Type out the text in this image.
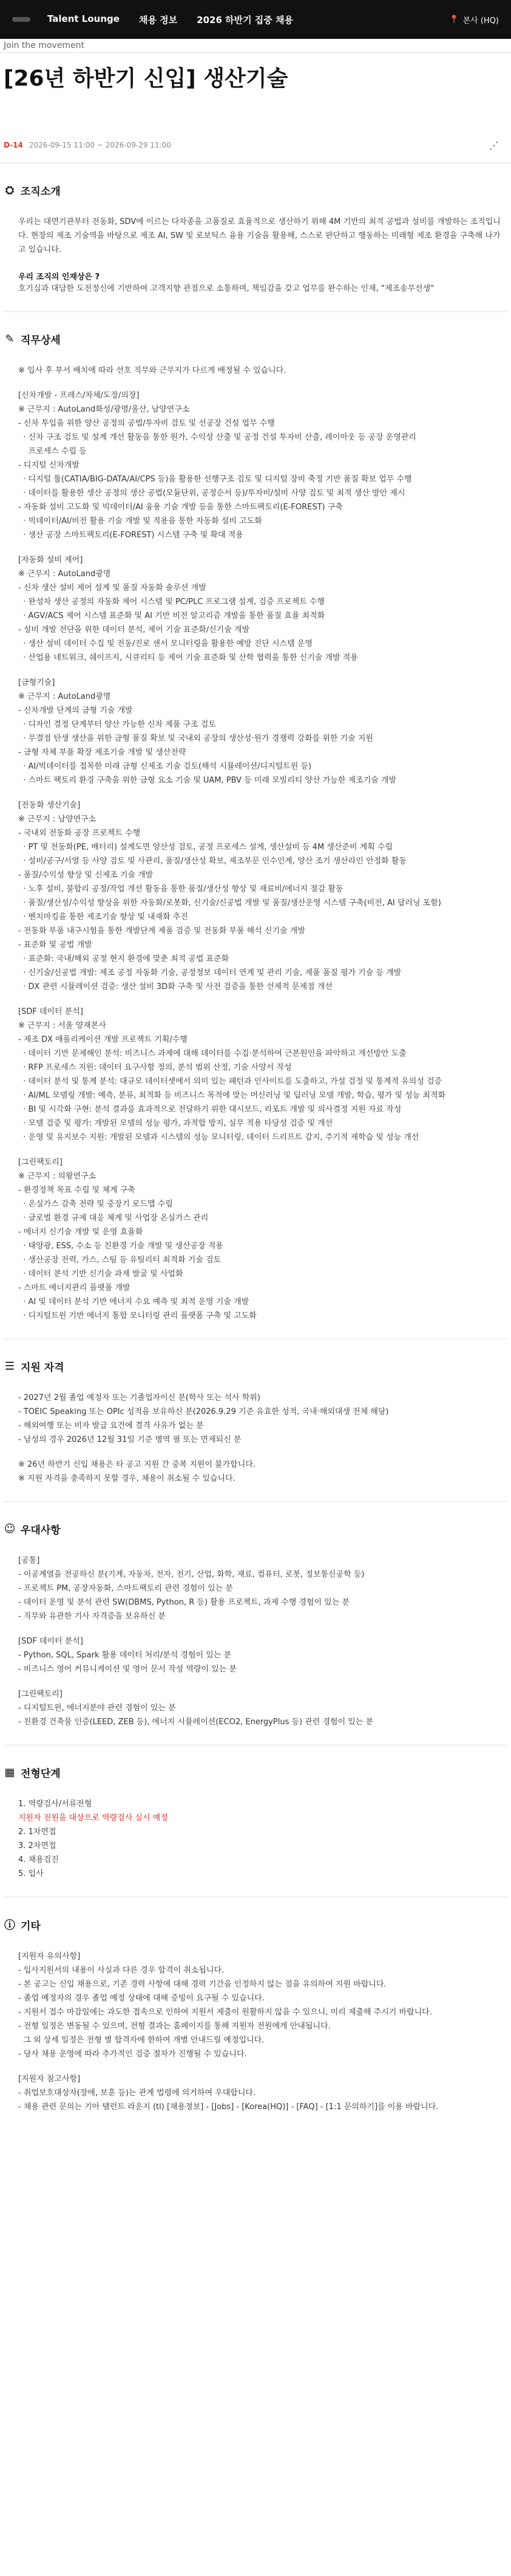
Talent Lounge 채용 정보 2026 하반기 집중 채용	📍 본사 (HQ)
Join the movement
[26년 하반기 신입] 생산기술
D-14 2026-09-15 11:00 ~ 2026-09-29 11:00	⋰
⛭ 조직소개
우리는 대면기관부터 전동화, SDV에 이르는 다차종을 고품질로 효율적으로 생산하기 위해 4M 기반의 최적 공법과 설비를 개발하는 조직입니다. 현장의 제조 기술역을 바탕으로 제조 AI, SW 및 로보틱스 융용 기술을 활용해, 스스로 판단하고 행동하는 미래형 제조 환경을 구축해 나가고 있습니다.
우리 조직의 인재상은 ?
호기심과 대담한 도전정신에 기반하여 고객지향 관점으로 소통하며, 책임감을 갖고 업무를 완수하는 인재, "제조송무선생"
✎ 직무상세
※ 입사 후 부서 배치에 따라 선호 직무와 근무지가 다르게 배정될 수 있습니다.
[신차개발 - 프레스/차체/도장/의장]
※ 근무지 : AutoLand화성/광명/울산, 남양연구소
- 신차 투입을 위한 양산 공정의 공법/투자비 검토 및 선공장 건설 업무 수행
· 신차 구조 검토 및 설계 개선 활동을 통한 원가, 수익성 산출 및 공정 건설 투자비 산출, 레이아웃 등 공장 운영관리
프로세스 수립 등
- 디지털 신차개발
· 디지털 툴(CATIA/BIG-DATA/AI/CPS 등)을 활용한 선행구조 검토 및 디지털 장비 축정 기반 품질 확보 업무 수행
· 데이터를 활용한 생산 공정의 생산 공법(모듈단위, 공정순서 등)/투자비/설비 사양 검토 및 최적 생산 방안 제시
- 자동화 설비 고도화 및 빅데이터/AI 융용 기술 개발 등을 통한 스마트팩토리(E-FOREST) 구축
· 빅데이터/AI/비전 활용 기술 개발 및 적용을 통한 자동화 설비 고도화
· 생산 공장 스마트팩토리(E-FOREST) 시스템 구축 및 확대 적용
[자동화 설비 제어]
※ 근무지 : AutoLand광명
- 신차 생산 설비 제어 설계 및 품질 자동화 솔루션 개발
· 완성차 생산 공정의 자동화 제어 시스템 및 PC/PLC 프로그램 설계, 검증 프로젝트 수행
· AGV/ACS 제어 시스템 표준화 및 AI 기반 비전 알고리즘 개발을 통한 품질 효율 최적화
- 설비 개발 전단을 위한 데이터 분석, 제어 기술 표준화/신기술 개발
· 생산 설비 데이터 수집 및 전동/진로 센서 모니터링을 활용한 예방 진단 시스템 운영
· 산업용 네트워크, 쉐이프지, 시큐리티 등 제어 기술 표준화 및 산학 협력을 통한 신기술 개발 적용
[금형기술]
※ 근무지 : AutoLand광명
- 신차개발 단계의 금형 기술 개발
· 디자인 결정 단계부터 양산 가능한 신차 제품 구조 검토
· 무결점 탄생 생산을 위한 금형 품질 확보 및 국내외 공장의 생산성·원가 경쟁력 강화를 위한 기술 지원
- 금형 자체 부품 확장 제조기술 개발 및 생산전략
· AI/빅데이터를 접목한 미래 금형 신제조 기술 검토(해석 시뮬레이션/디지털트윈 등)
· 스마트 팩토리 환경 구축을 위한 금형 요소 기술 및 UAM, PBV 등 미래 모빌리티 양산 가능한 제조기술 개발
[전동화 생산기술]
※ 근무지 : 남양연구소
- 국내외 전동화 공장 프로젝트 수행
· PT 및 전동화(PE, 배터리) 설계도면 양산성 검토, 공정 프로세스 설계, 생산설비 등 4M 생산준비 계획 수립
· 설비/공구/서열 등 사양 검토 및 사관리, 품질/생산성 확보, 제조부문 인수인계, 양산 조기 생산라인 안정화 활동
- 품질/수익성 향상 및 신제조 기술 개발
· 노후 설비, 불합리 공정/작업 개선 활동을 통한 품질/생산성 향상 및 재료비/에너지 절감 활동
· 품질/생산성/수익성 향상을 위한 자동화/로봇화, 신기술/신공법 개발 및 품질/생산운영 시스템 구축(비전, AI 답러닝 포함)
· 벤치마킹을 통한 제조기술 향상 및 내재화 추진
- 전동화 부품 내구시험을 통한 개발단계 제품 검증 및 전동화 부품 해석 신기술 개발
- 표준화 및 공법 개발
· 표준화: 국내/해외 공정 현지 환경에 맞춘 최적 공법 표준화
· 신기술/신공법 개발: 제조 공정 자동화 기술, 공정정보 데이터 연계 및 관리 기술, 제품 품질 평가 기술 등 개발
· DX 관련 시뮬레이션 검증: 생산 설비 3D화 구축 및 사전 검증을 통한 선제적 문제점 개선
[SDF 데이터 분석]
※ 근무지 : 서울 양재본사
- 제조 DX 애플리케이션 개발 프로젝트 기획/수행
· 데이터 기반 문제해인 분석: 비즈니스 과제에 대해 데이터를 수집·분석하여 근본원인을 파악하고 개선방안 도출
· RFP 프로세스 지원: 데이터 요구사항 정의, 분석 범위 산정, 기술 사양서 작성
· 데이터 분석 및 통계 분석: 대규모 데이터셋에서 의미 있는 패턴과 인사이트를 도출하고, 가설 검정 및 통계적 유의성 검증
· AI/ML 모델링 개발: 예측, 분류, 최적화 등 비즈니스 목적에 맞는 머신러닝 및 딥러닝 모델 개발, 학습, 평가 및 성능 최적화
· BI 및 시각화 구현: 분석 결과를 효과적으로 전달하기 위한 대시보드, 리포트 개발 및 의사결정 지원 자료 작성
· 모델 검증 및 평가: 개발된 모델의 성능 평가, 과적합 방지, 실무 적용 타당성 검증 및 개선
· 운영 및 유지보수 지원: 개발된 모델과 시스템의 성능 모니터링, 데이터 드리프트 감지, 주기적 재학습 및 성능 개선
[그린팩토리]
※ 근무지 : 의왕연구소
- 환경정책 목표 수립 및 체계 구축
· 온실가스 감축 전략 및 중장기 로드맵 수립
· 글로벌 환경 규제 대응 체계 및 사업장 온실가스 관리
- 에너지 신기술 개발 및 운영 효율화
· 태양광, ESS, 수소 등 친환경 기술 개발 및 생산공장 적용
· 생산공장 전력, 가스, 스팀 등 유틸리티 최적화 기술 검토
· 데이터 분석 기반 신기술 과제 발굴 및 사업화
- 스마트 에너지관리 플랫폼 개발
· AI 및 데이터 분석 기반 에너지 수요 예측 및 최적 운영 기술 개발
· 디지털트윈 기반 에너지 통합 모니터링 관리 플랫폼 구축 및 고도화
☰ 지원 자격
- 2027년 2월 졸업 예정자 또는 기졸업자이신 분(학사 또는 석사 학위)
- TOEIC Speaking 또는 OPIc 성적을 보유하신 분(2026.9.29 기준 유효한 성적, 국내·해외대생 전체 해당)
- 해외여행 또는 비자 발급 요건에 결격 사유가 없는 분
- 남성의 경우 2026년 12월 31일 기준 병역 필 또는 면제되신 분
※ 26년 하반기 신입 채용은 타 공고 지원 간 중복 지원이 불가합니다.
※ 지원 자격을 충족하지 못할 경우, 채용이 취소될 수 있습니다.
☺ 우대사항
[공통]
- 이공계열을 전공하신 분(기계, 자동차, 전자, 전기, 산업, 화학, 재료, 컴퓨터, 로봇, 정보통신공학 등)
- 프로젝트 PM, 공장자동화, 스마트팩토리 관련 경험이 있는 분
- 데이터 운영 및 분석 관련 SW(DBMS, Python, R 등) 활용 프로젝트, 과제 수행 경험이 있는 분
- 직무와 유관한 기사 자격증을 보유하신 분
[SDF 데이터 분석]
- Python, SQL, Spark 활용 데이터 처리/분석 경험이 있는 분
- 비즈니스 영어 커뮤니케이션 및 영어 문서 작성 역량이 있는 분
[그린팩토리]
- 디지털트윈, 에너지분야 관련 경험이 있는 분
- 친환경 건축물 인증(LEED, ZEB 등), 에너지 시뮬레이션(ECO2, EnergyPlus 등) 관련 경험이 있는 분
▦ 전형단계
1. 역량검사/서류전형
지원자 전원을 대상으로 역량검사 실시 예정
2. 1차면접
3. 2차면접
4. 채용검진
5. 입사
ⓘ 기타
[지원자 유의사항]
- 입사지원서의 내용이 사실과 다른 경우 합격이 취소됩니다.
- 본 공고는 신입 채용으로, 기존 경력 사항에 대해 경력 기간을 인정하지 않는 점을 유의하여 지원 바랍니다.
- 졸업 예정자의 경우 졸업 예정 상태에 대해 증빙이 요구될 수 있습니다.
- 지원서 접수 마감일에는 과도한 접속으로 인하여 지원서 제출이 원활하지 않을 수 있으니, 미리 제출해 주시기 바랍니다.
- 전형 일정은 변동될 수 있으며, 전형 결과는 홈페이지를 통해 지원자 전원에게 안내됩니다.
그 외 상세 일정은 전형 별 합격자에 한하여 개별 안내드릴 예정입니다.
- 당사 채용 운영에 따라 추가적인 검증 절차가 진행될 수 있습니다.
[지원자 참고사항]
- 취업보호대상자(장애, 보훈 등)는 관계 법령에 의거하여 우대합니다.
- 채용 관련 문의는 기아 탤런트 라운지 (tl) [채용정보] - [Jobs] - [Korea(HQ)] - [FAQ] - [1:1 문의하기]를 이용 바랍니다.
